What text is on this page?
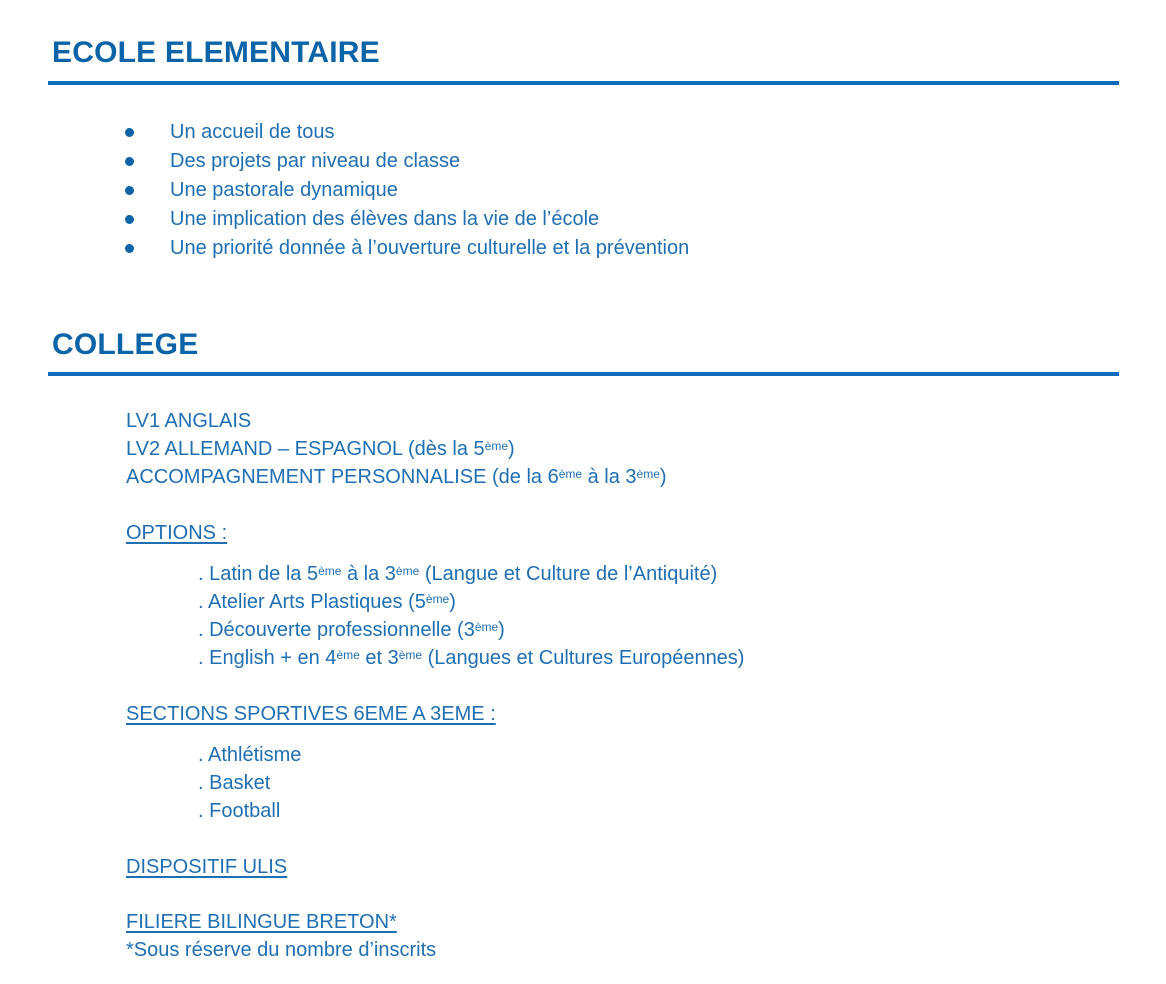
ECOLE ELEMENTAIRE
Un accueil de tous
Des projets par niveau de classe
Une pastorale dynamique
Une implication des élèves dans la vie de l’école
Une priorité donnée à l’ouverture culturelle et la prévention
COLLEGE
LV1 ANGLAIS
LV2 ALLEMAND – ESPAGNOL (dès la 5ème)
ACCOMPAGNEMENT PERSONNALISE (de la 6ème à la 3ème)
OPTIONS :
. Latin de la 5ème à la 3ème (Langue et Culture de l’Antiquité)
. Atelier Arts Plastiques (5ème)
. Découverte professionnelle (3ème)
. English + en 4ème et 3ème (Langues et Cultures Européennes)
SECTIONS SPORTIVES 6EME A 3EME :
. Athlétisme
. Basket
. Football
DISPOSITIF ULIS
FILIERE BILINGUE BRETON*
*Sous réserve du nombre d’inscrits
